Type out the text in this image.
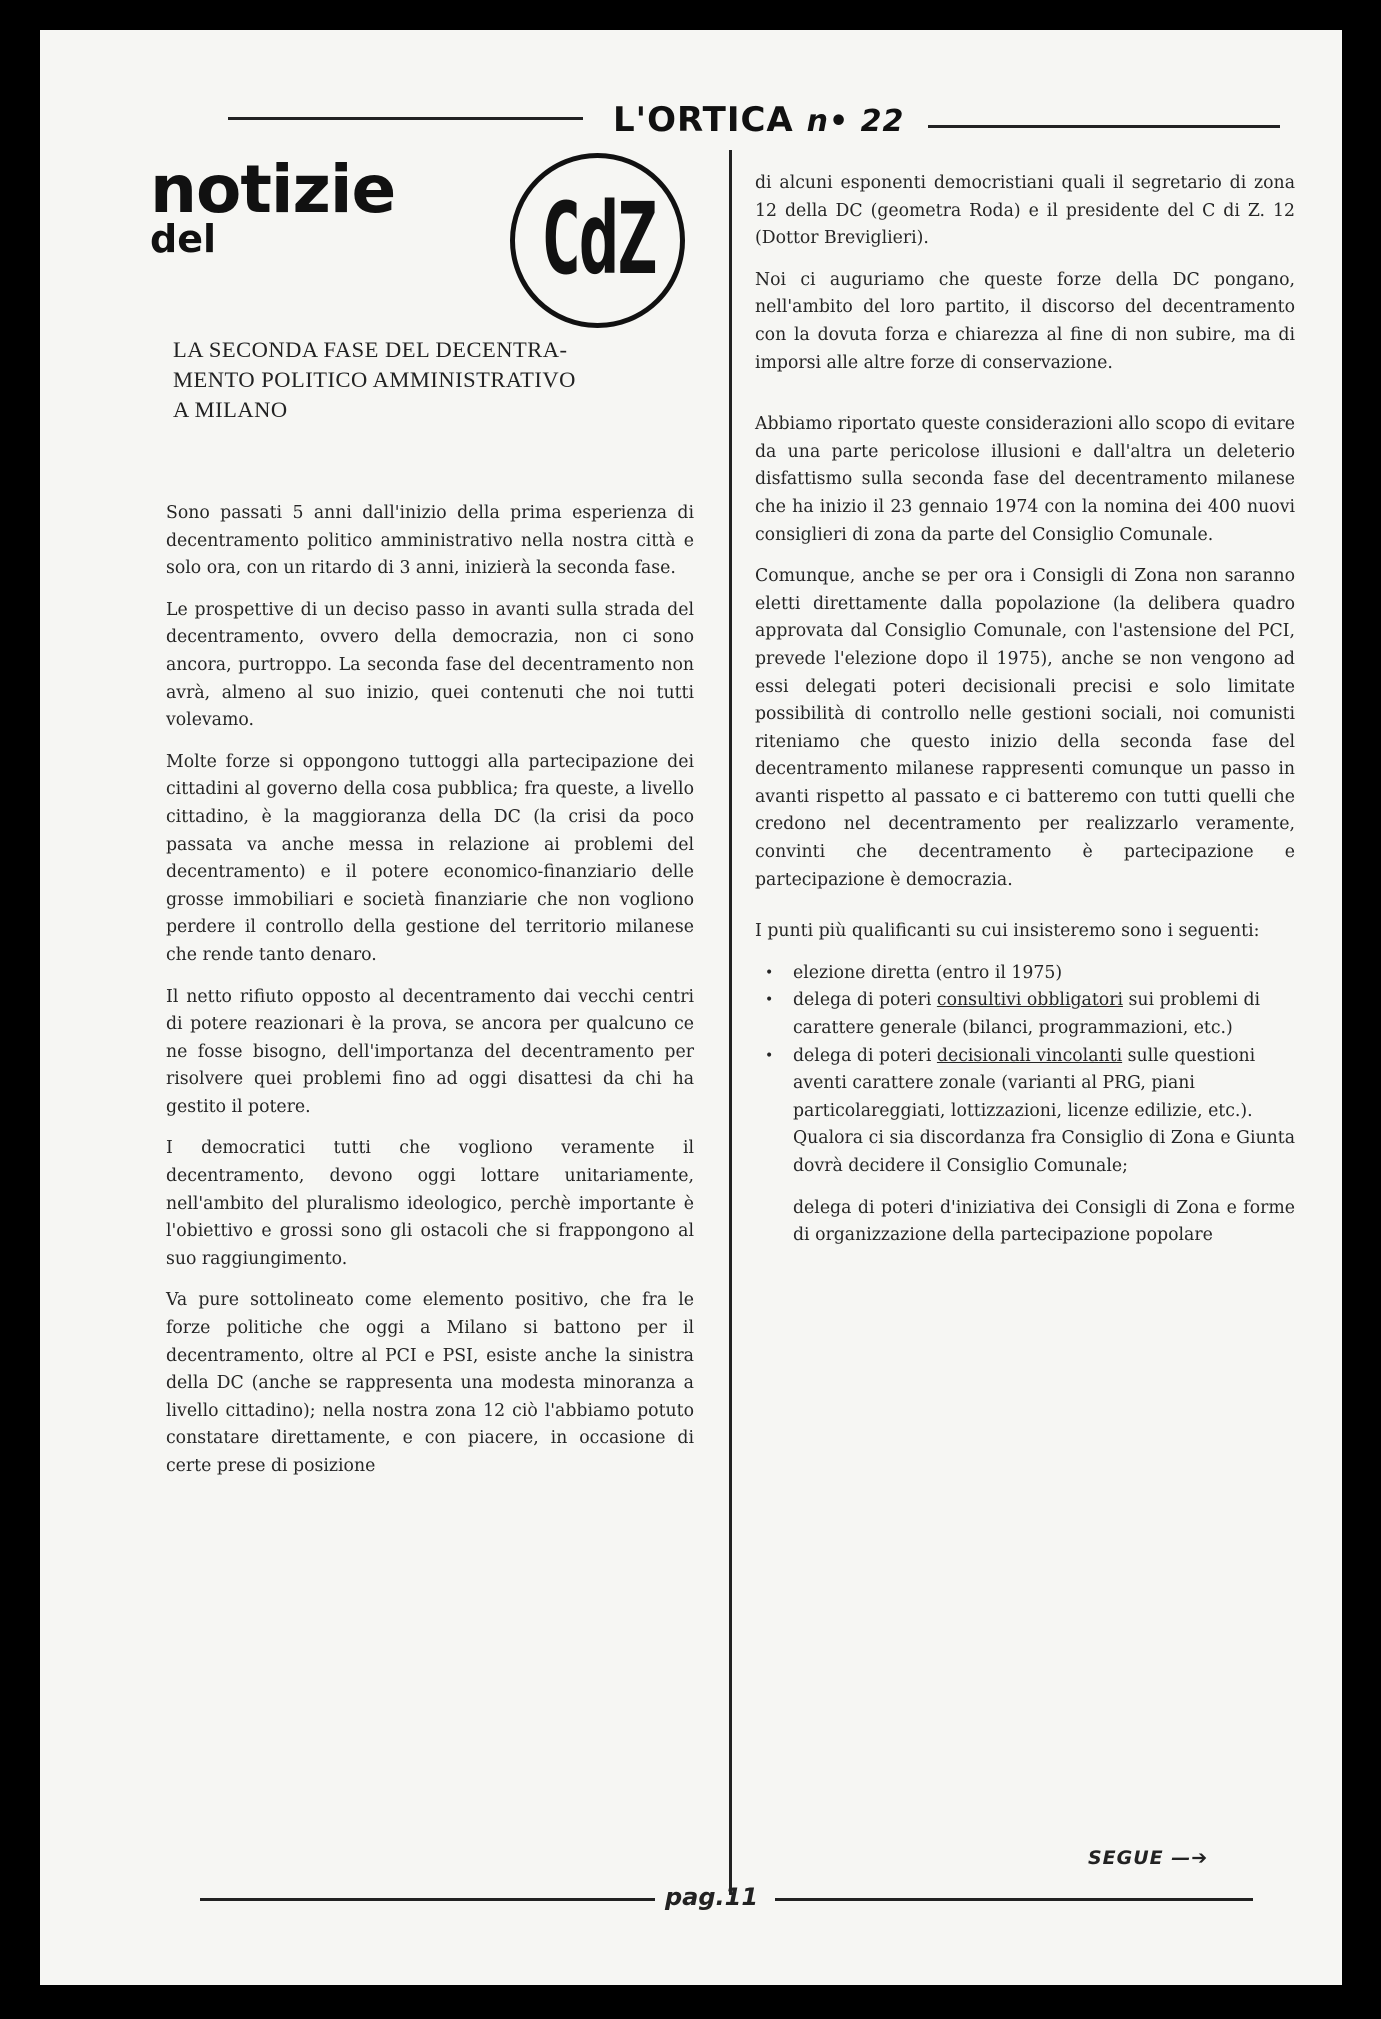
L'ORTICA n• 22
notizie
del	CdZ
LA SECONDA FASE DEL DECENTRA-
MENTO POLITICO AMMINISTRATIVO
A MILANO

Sono passati 5 anni dall'inizio della prima esperienza di decentramento politico amministrativo nella nostra città e solo ora, con un ritardo di 3 anni, inizierà la seconda fase.

Le prospettive di un deciso passo in avanti sulla strada del decentramento, ovvero della democrazia, non ci sono ancora, purtroppo. La seconda fase del decentramento non avrà, almeno al suo inizio, quei contenuti che noi tutti volevamo.

Molte forze si oppongono tuttoggi alla partecipazione dei cittadini al governo della cosa pubblica; fra queste, a livello cittadino, è la maggioranza della DC (la crisi da poco passata va anche messa in relazione ai problemi del decentramento) e il potere economico-finanziario delle grosse immobiliari e società finanziarie che non vogliono perdere il controllo della gestione del territorio milanese che rende tanto denaro.

Il netto rifiuto opposto al decentramento dai vecchi centri di potere reazionari è la prova, se ancora per qualcuno ce ne fosse bisogno, dell'importanza del decentramento per risolvere quei problemi fino ad oggi disattesi da chi ha gestito il potere.

I democratici tutti che vogliono veramente il decentramento, devono oggi lottare unitariamente, nell'ambito del pluralismo ideologico, perchè importante è l'obiettivo e grossi sono gli ostacoli che si frappongono al suo raggiungimento.

Va pure sottolineato come elemento positivo, che fra le forze politiche che oggi a Milano si battono per il decentramento, oltre al PCI e PSI, esiste anche la sinistra della DC (anche se rappresenta una modesta minoranza a livello cittadino); nella nostra zona 12 ciò l'abbiamo potuto constatare direttamente, e con piacere, in occasione di certe prese di posizione

di alcuni esponenti democristiani quali il segretario di zona 12 della DC (geometra Roda) e il presidente del C di Z. 12 (Dottor Breviglieri).

Noi ci auguriamo che queste forze della DC pongano, nell'ambito del loro partito, il discorso del decentramento con la dovuta forza e chiarezza al fine di non subire, ma di imporsi alle altre forze di conservazione.

Abbiamo riportato queste considerazioni allo scopo di evitare da una parte pericolose illusioni e dall'altra un deleterio disfattismo sulla seconda fase del decentramento milanese che ha inizio il 23 gennaio 1974 con la nomina dei 400 nuovi consiglieri di zona da parte del Consiglio Comunale.

Comunque, anche se per ora i Consigli di Zona non saranno eletti direttamente dalla popolazione (la delibera quadro approvata dal Consiglio Comunale, con l'astensione del PCI, prevede l'elezione dopo il 1975), anche se non vengono ad essi delegati poteri decisionali precisi e solo limitate possibilità di controllo nelle gestioni sociali, noi comunisti riteniamo che questo inizio della seconda fase del decentramento milanese rappresenti comunque un passo in avanti rispetto al passato e ci batteremo con tutti quelli che credono nel decentramento per realizzarlo veramente, convinti che decentramento è partecipazione e partecipazione è democrazia.

I punti più qualificanti su cui insisteremo sono i seguenti:

• elezione diretta (entro il 1975)
• delega di poteri consultivi obbligatori sui problemi di carattere generale (bilanci, programmazioni, etc.)
• delega di poteri decisionali vincolanti sulle questioni aventi carattere zonale (varianti al PRG, piani particolareggiati, lottizzazioni, licenze edilizie, etc.).

Qualora ci sia discordanza fra Consiglio di Zona e Giunta dovrà decidere il Consiglio Comunale;

delega di poteri d'iniziativa dei Consigli di Zona e forme di organizzazione della partecipazione popolare

SEGUE —➔
pag.11
